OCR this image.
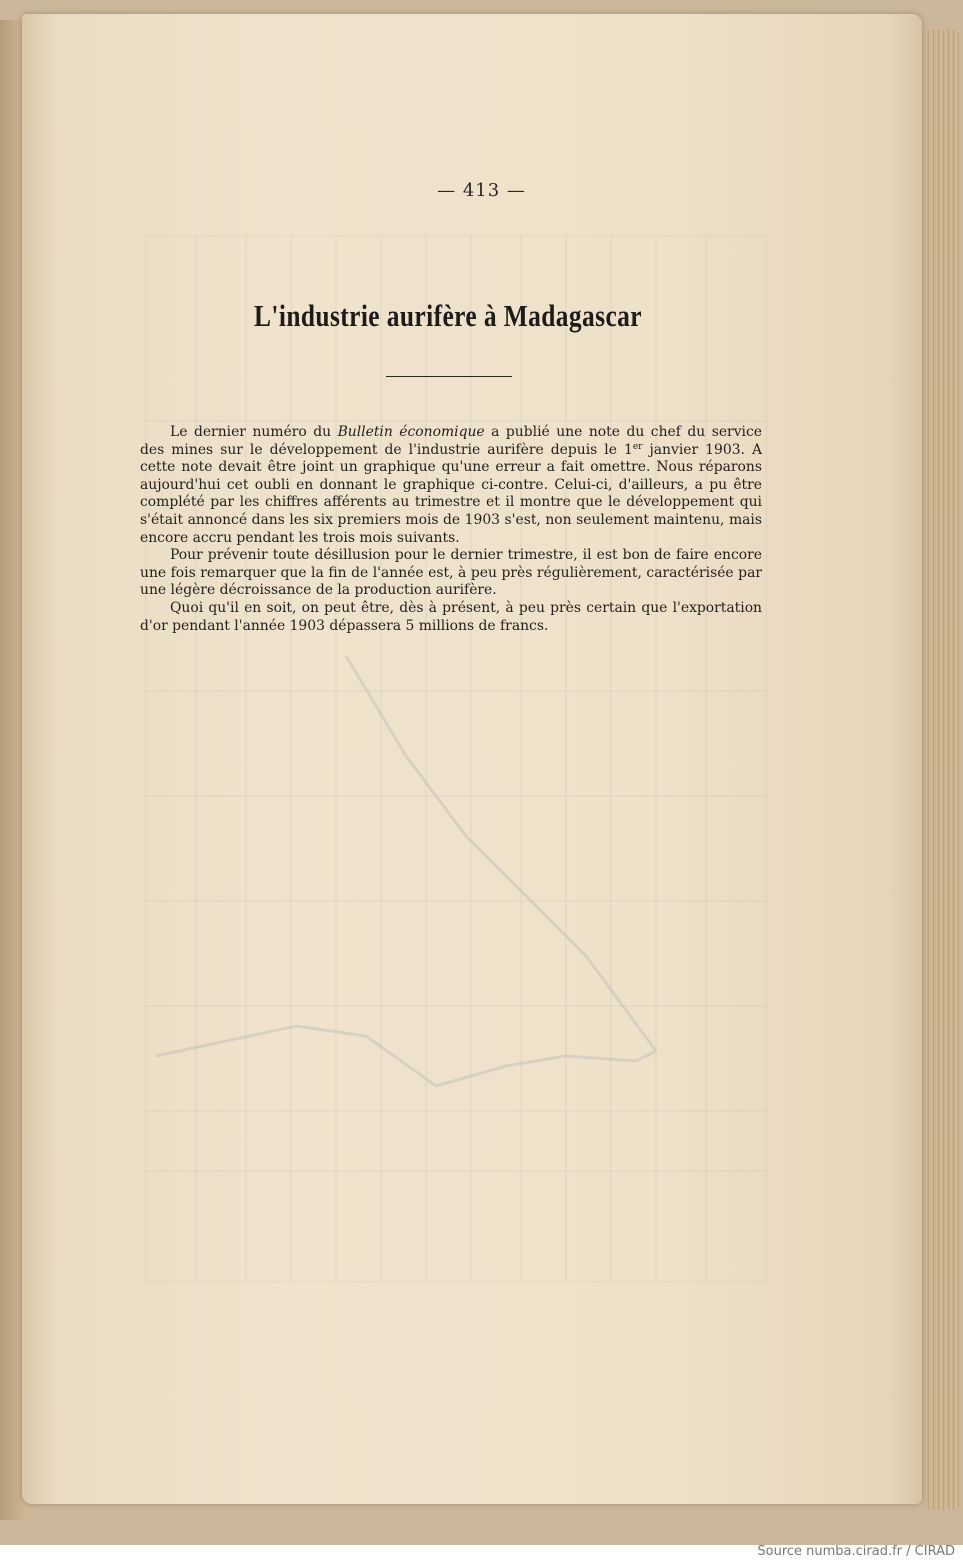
— 413 —
L'industrie aurifère à Madagascar

Le dernier numéro du Bulletin économique a publié une note du chef du service des mines sur le développement de l'industrie aurifère depuis le 1er janvier 1903. A cette note devait être joint un graphique qu'une erreur a fait omettre. Nous réparons aujourd'hui cet oubli en donnant le graphique ci-contre. Celui-ci, d'ailleurs, a pu être complété par les chiffres afférents au trimestre et il montre que le développement qui s'était annoncé dans les six premiers mois de 1903 s'est, non seulement maintenu, mais encore accru pendant les trois mois suivants.

Pour prévenir toute désillusion pour le dernier trimestre, il est bon de faire encore une fois remarquer que la fin de l'année est, à peu près régulièrement, caractérisée par une légère décroissance de la production aurifère.

Quoi qu'il en soit, on peut être, dès à présent, à peu près certain que l'exportation d'or pendant l'année 1903 dépassera 5 millions de francs.

Source numba.cirad.fr / CIRAD
